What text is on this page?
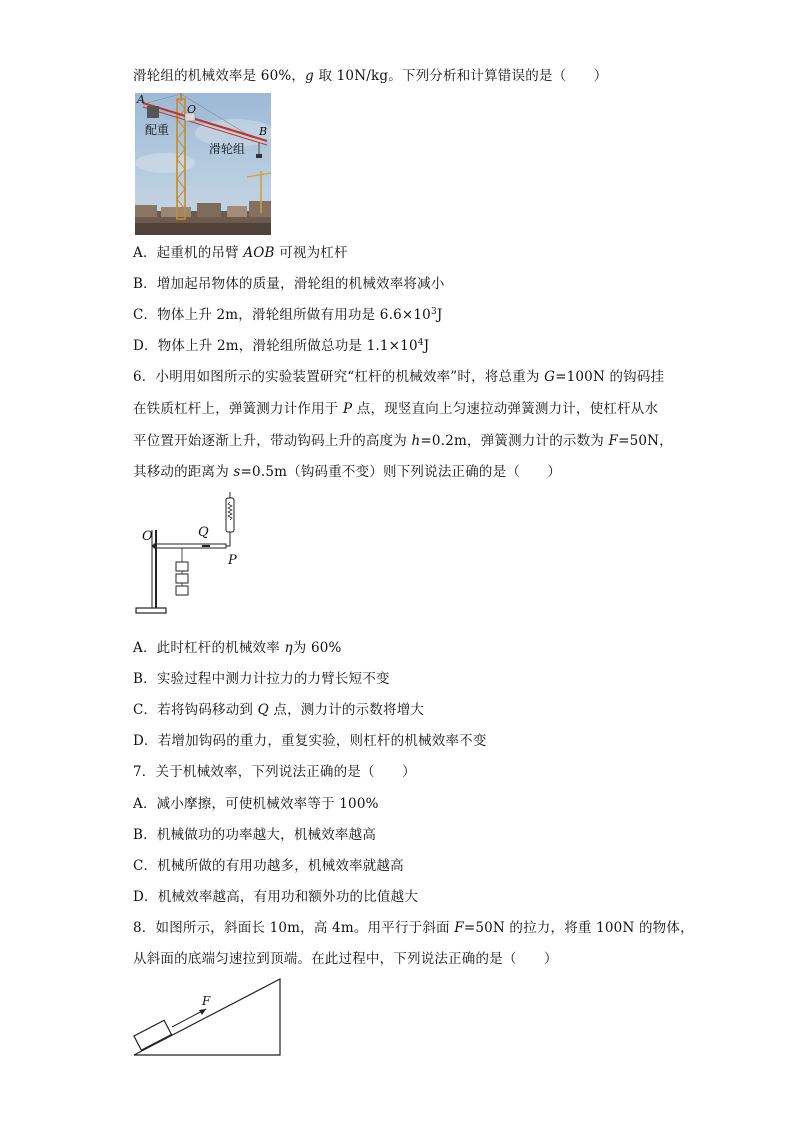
滑轮组的机械效率是 60%，g 取 10N/kg。下列分析和计算错误的是（　　）
A
O
B
配重
滑轮组
A．起重机的吊臂 AOB 可视为杠杆
B．增加起吊物体的质量，滑轮组的机械效率将减小
C．物体上升 2m，滑轮组所做有用功是 $6.6\times 10^3J$
D．物体上升 2m，滑轮组所做总功是 $1.1\times 10^4J$
6．小明用如图所示的实验装置研究“杠杆的机械效率”时，将总重为 G=100N 的钩码挂
在铁质杠杆上，弹簧测力计作用于 P 点，现竖直向上匀速拉动弹簧测力计，使杠杆从水
平位置开始逐渐上升，带动钩码上升的高度为 h=0.2m，弹簧测力计的示数为 F=50N，
其移动的距离为 s=0.5m（钩码重不变）则下列说法正确的是（　　）
O	Q
P
A．此时杠杆的机械效率 η为 60%
B．实验过程中测力计拉力的力臂长短不变
C．若将钩码移动到 Q 点，测力计的示数将增大
D．若增加钩码的重力，重复实验，则杠杆的机械效率不变
7．关于机械效率，下列说法正确的是（　　）
A．减小摩擦，可使机械效率等于 100%
B．机械做功的功率越大，机械效率越高
C．机械所做的有用功越多，机械效率就越高
D．机械效率越高，有用功和额外功的比值越大
8．如图所示，斜面长 10m，高 4m。用平行于斜面 F=50N 的拉力，将重 100N 的物体，
从斜面的底端匀速拉到顶端。在此过程中，下列说法正确的是（　　）
F
